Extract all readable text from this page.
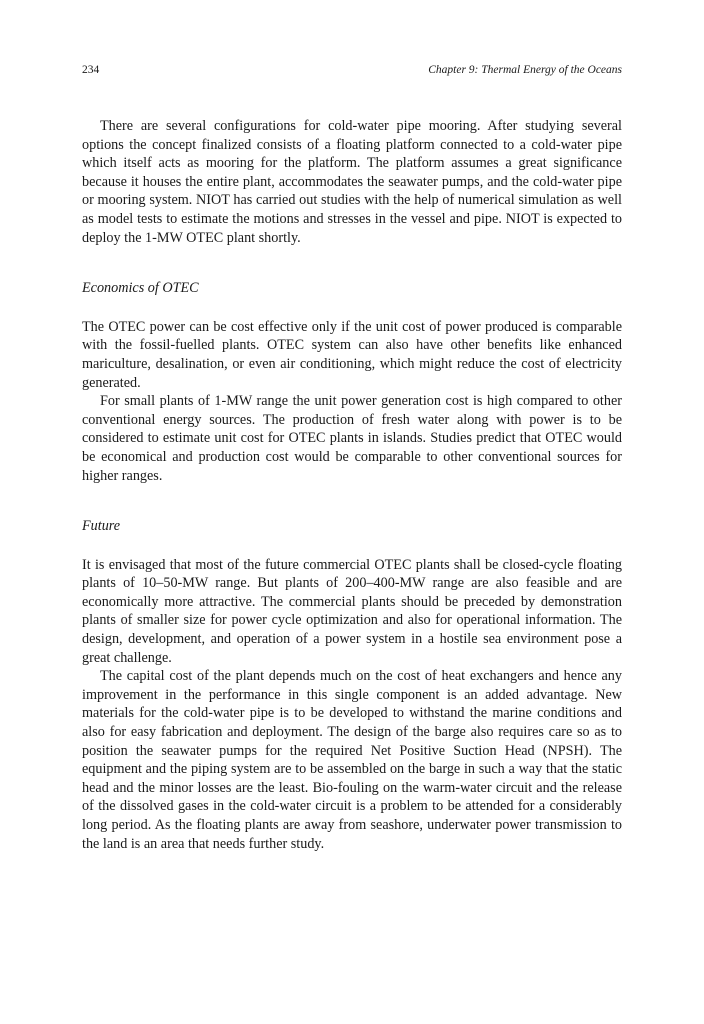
234	Chapter 9: Thermal Energy of the Oceans

There are several configurations for cold-water pipe mooring. After studying several options the concept finalized consists of a floating platform connected to a cold-water pipe which itself acts as mooring for the platform. The platform assumes a great significance because it houses the entire plant, accommodates the seawater pumps, and the cold-water pipe or mooring system. NIOT has carried out studies with the help of numerical simulation as well as model tests to estimate the motions and stresses in the vessel and pipe. NIOT is expected to deploy the 1-MW OTEC plant shortly.

Economics of OTEC

The OTEC power can be cost effective only if the unit cost of power produced is comparable with the fossil-fuelled plants. OTEC system can also have other benefits like enhanced mariculture, desalination, or even air conditioning, which might reduce the cost of electricity generated.

For small plants of 1-MW range the unit power generation cost is high compared to other conventional energy sources. The production of fresh water along with power is to be considered to estimate unit cost for OTEC plants in islands. Studies predict that OTEC would be economical and production cost would be comparable to other conventional sources for higher ranges.

Future

It is envisaged that most of the future commercial OTEC plants shall be closed-cycle floating plants of 10–50-MW range. But plants of 200–400-MW range are also feasible and are economically more attractive. The commercial plants should be preceded by demonstration plants of smaller size for power cycle optimization and also for operational information. The design, development, and operation of a power system in a hostile sea environment pose a great challenge.

The capital cost of the plant depends much on the cost of heat exchangers and hence any improvement in the performance in this single component is an added advantage. New materials for the cold-water pipe is to be developed to withstand the marine conditions and also for easy fabrication and deployment. The design of the barge also requires care so as to position the seawater pumps for the required Net Positive Suction Head (NPSH). The equipment and the piping system are to be assembled on the barge in such a way that the static head and the minor losses are the least. Bio-fouling on the warm-water circuit and the release of the dissolved gases in the cold-water circuit is a problem to be attended for a considerably long period. As the floating plants are away from seashore, underwater power transmission to the land is an area that needs further study.
